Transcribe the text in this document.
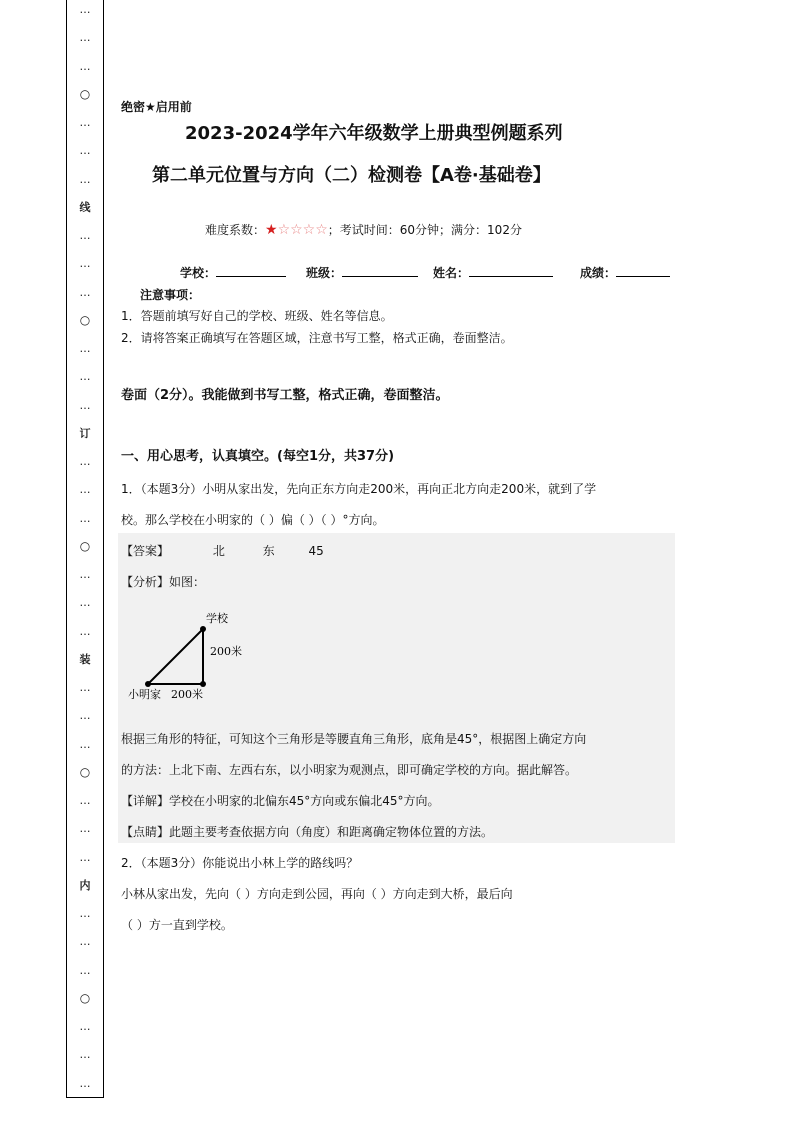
…
…
…
○
…
…
…
线
…
…
…
○
…
…
…
订
…
…
…
○
…
…
…
装
…
…
…
○
…
…
…
内
…
…
…
○
…
…
…
绝密★启用前
2023-2024学年六年级数学上册典型例题系列
第二单元位置与方向（二）检测卷【A卷·基础卷】
难度系数：★☆☆☆☆；考试时间：60分钟；满分：102分
学校：	班级：	姓名：	成绩：
注意事项：
1．答题前填写好自己的学校、班级、姓名等信息。
2．请将答案正确填写在答题区域，注意书写工整，格式正确，卷面整洁。
卷面（2分）。我能做到书写工整，格式正确，卷面整洁。
一、用心思考，认真填空。(每空1分，共37分)
1．（本题3分）小明从家出发，先向正东方向走200米，再向正北方向走200米，就到了学
校。那么学校在小明家的（ ）偏（ ）（ ）°方向。
【答案】	北	东	45
【分析】如图：
学校
200米
小明家 200米
根据三角形的特征，可知这个三角形是等腰直角三角形，底角是45°，根据图上确定方向
的方法：上北下南、左西右东，以小明家为观测点，即可确定学校的方向。据此解答。
【详解】学校在小明家的北偏东45°方向或东偏北45°方向。
【点睛】此题主要考查依据方向（角度）和距离确定物体位置的方法。
2．（本题3分）你能说出小林上学的路线吗？
小林从家出发，先向（ ）方向走到公园，再向（ ）方向走到大桥，最后向
（ ）方一直到学校。
